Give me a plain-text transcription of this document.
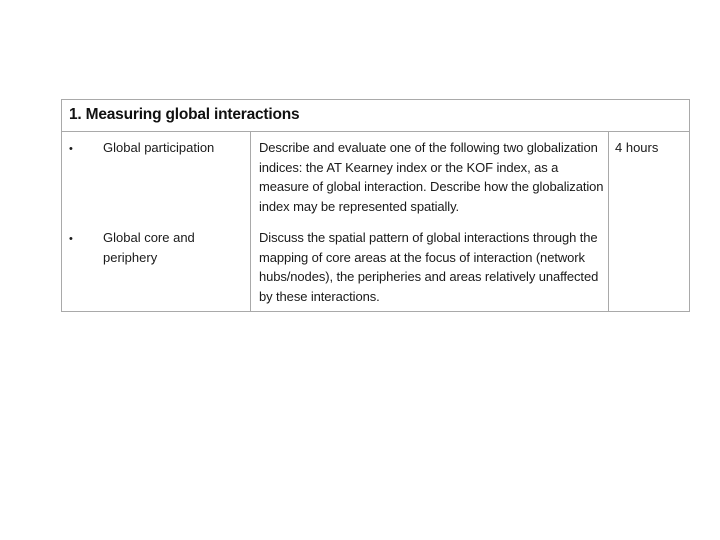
1. Measuring global interactions
• Global participation	Describe and evaluate one of the following two globalization indices: the AT Kearney index or the KOF index, as a measure of global interaction. Describe how the globalization index may be represented spatially.
4 hours
• Global core and periphery
Discuss the spatial pattern of global interactions through the mapping of core areas at the focus of interaction (network hubs/nodes), the peripheries and areas relatively unaffected by these interactions.
